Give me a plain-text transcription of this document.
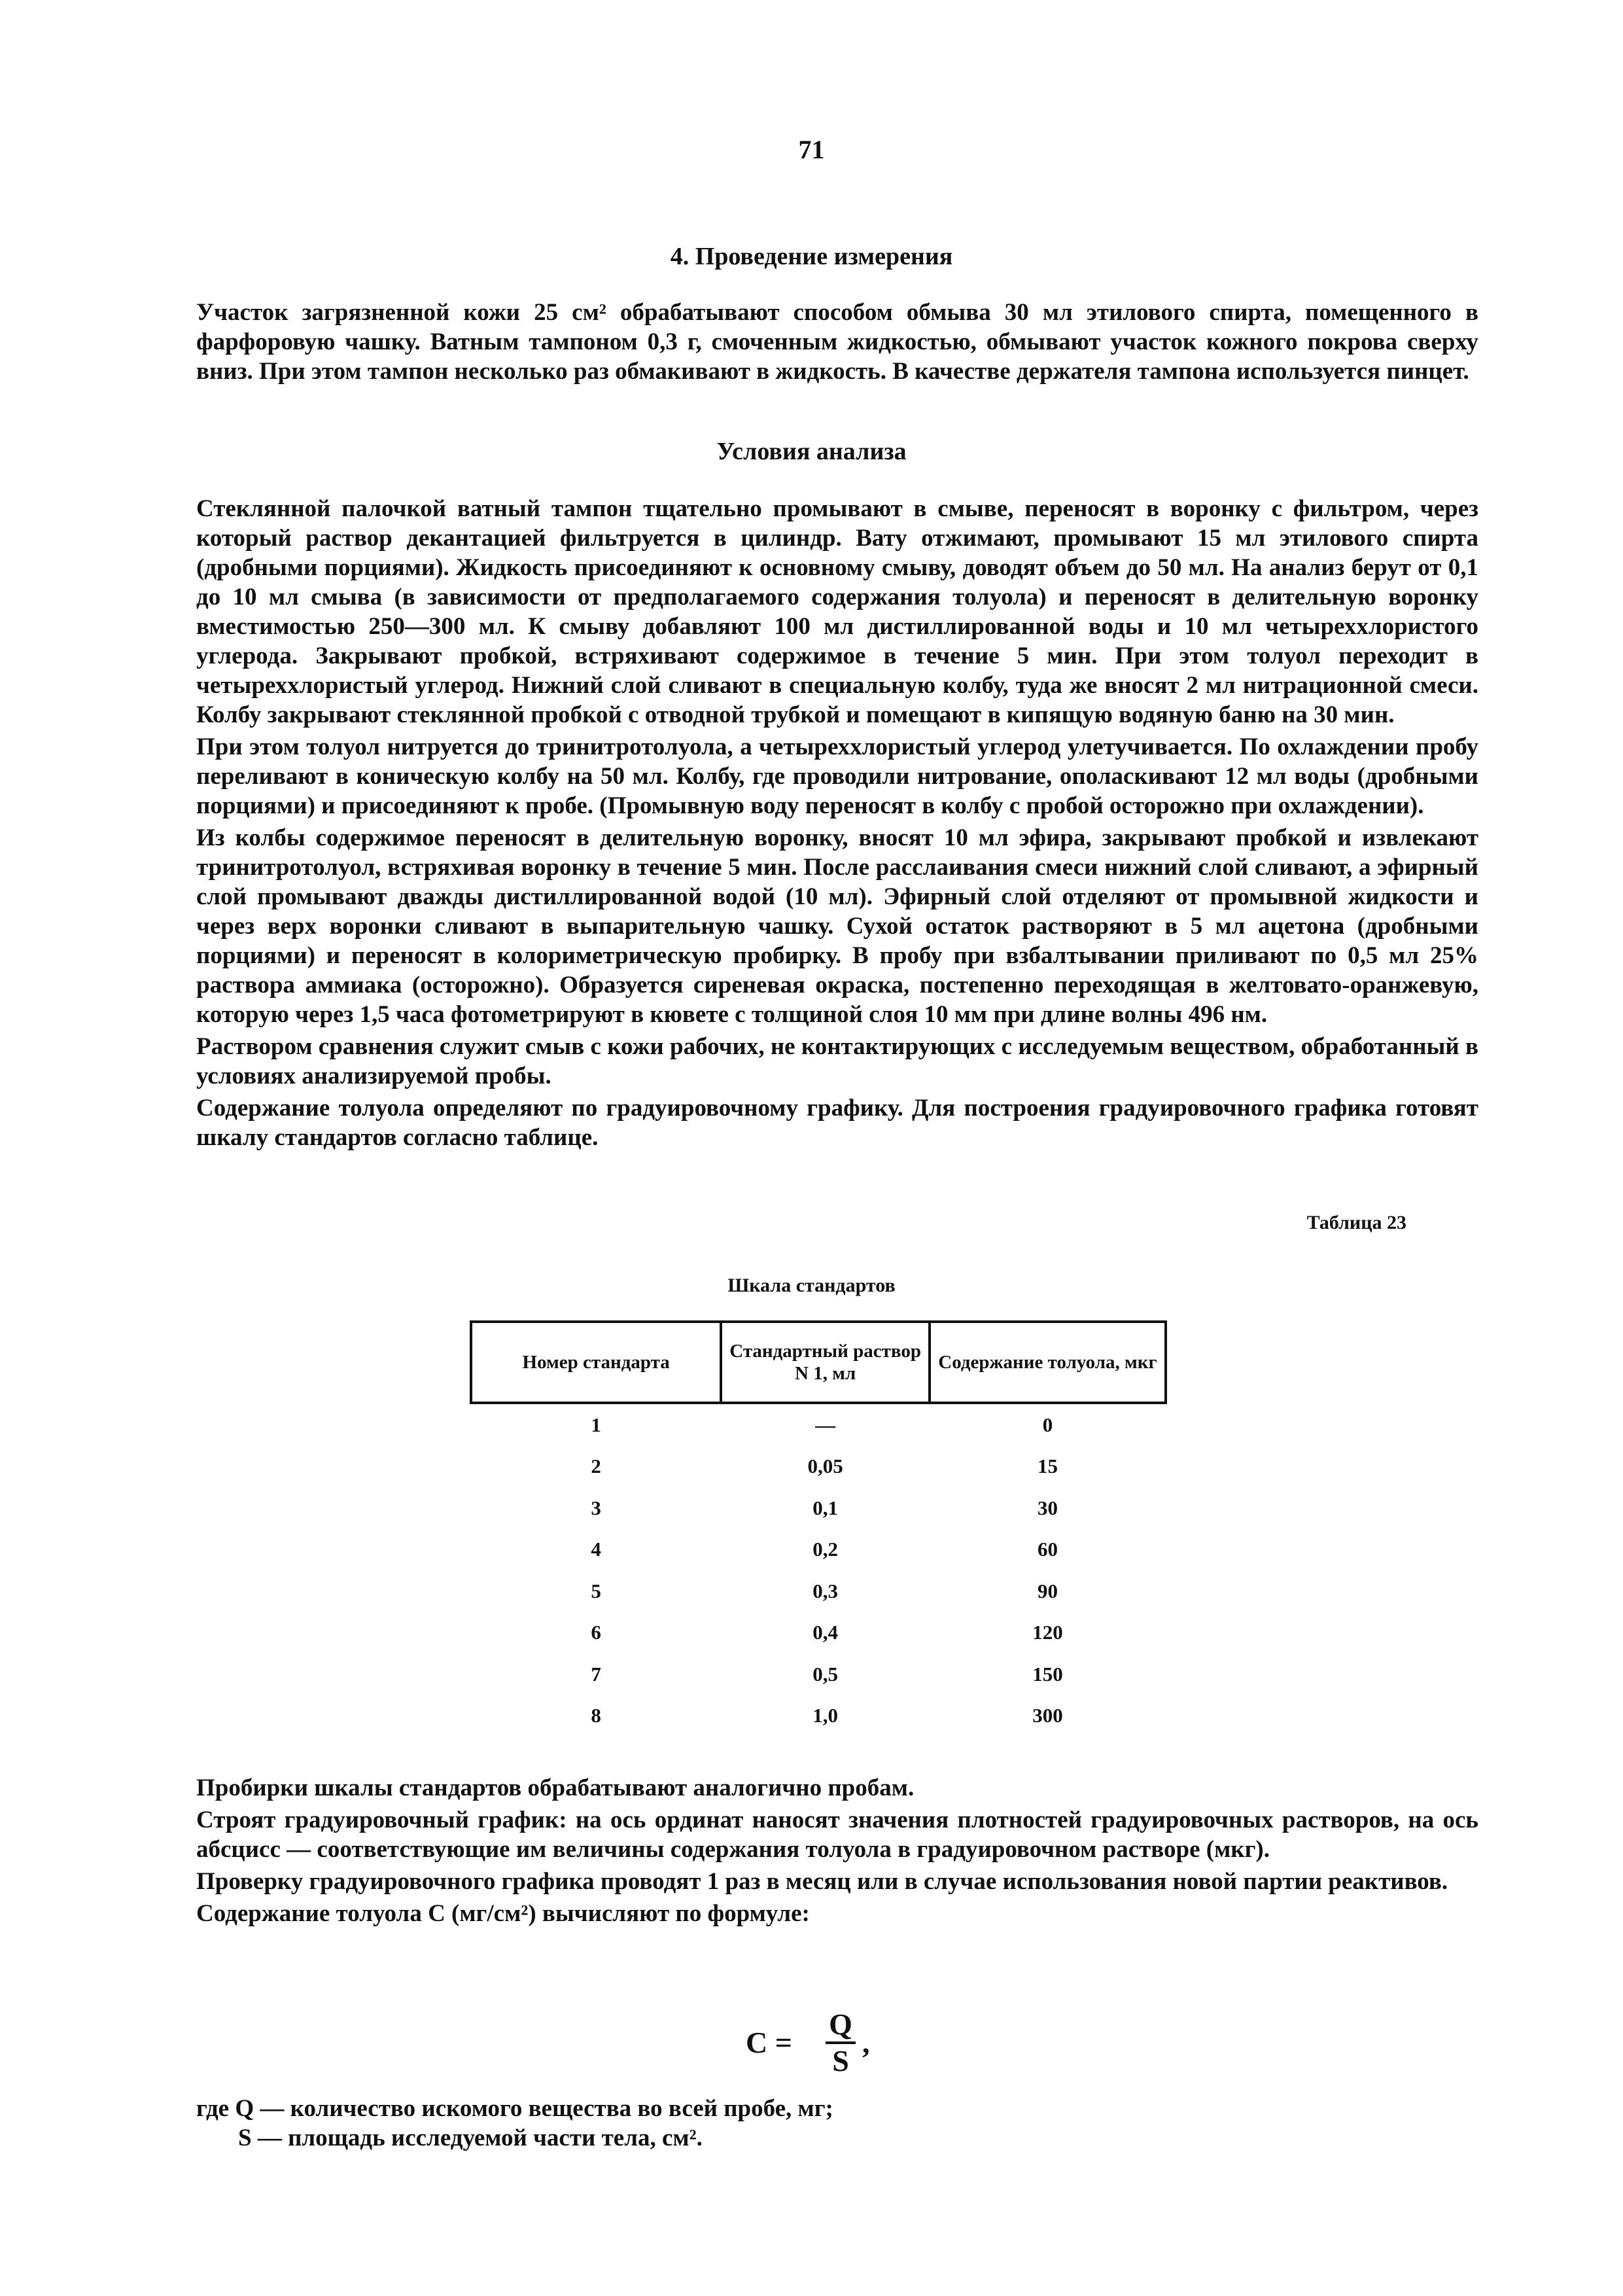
71
4. Проведение измерения

Участок загрязненной кожи 25 см² обрабатывают способом обмыва 30 мл этилового спирта, помещенного в фарфоровую чашку. Ватным тампоном 0,3 г, смоченным жидкостью, обмывают участок кожного покрова сверху вниз. При этом тампон несколько раз обмакивают в жидкость. В качестве держателя тампона используется пинцет.

Условия анализа

Стеклянной палочкой ватный тампон тщательно промывают в смыве, переносят в воронку с фильтром, через который раствор декантацией фильтруется в цилиндр. Вату отжимают, промывают 15 мл этилового спирта (дробными порциями). Жидкость присоединяют к основному смыву, доводят объем до 50 мл. На анализ берут от 0,1 до 10 мл смыва (в зависимости от предполагаемого содержания толуола) и переносят в делительную воронку вместимостью 250—300 мл. К смыву добавляют 100 мл дистиллированной воды и 10 мл четыреххлористого углерода. Закрывают пробкой, встряхивают содержимое в течение 5 мин. При этом толуол переходит в четыреххлористый углерод. Нижний слой сливают в специальную колбу, туда же вносят 2 мл нитрационной смеси. Колбу закрывают стеклянной пробкой с отводной трубкой и помещают в кипящую водяную баню на 30 мин.

При этом толуол нитруется до тринитротолуола, а четыреххлористый углерод улетучивается. По охлаждении пробу переливают в коническую колбу на 50 мл. Колбу, где проводили нитрование, ополаскивают 12 мл воды (дробными порциями) и присоединяют к пробе. (Промывную воду переносят в колбу с пробой осторожно при охлаждении).

Из колбы содержимое переносят в делительную воронку, вносят 10 мл эфира, закрывают пробкой и извлекают тринитротолуол, встряхивая воронку в течение 5 мин. После расслаивания смеси нижний слой сливают, а эфирный слой промывают дважды дистиллированной водой (10 мл). Эфирный слой отделяют от промывной жидкости и через верх воронки сливают в выпарительную чашку. Сухой остаток растворяют в 5 мл ацетона (дробными порциями) и переносят в колориметрическую пробирку. В пробу при взбалтывании приливают по 0,5 мл 25% раствора аммиака (осторожно). Образуется сиреневая окраска, постепенно переходящая в желтовато-оранжевую, которую через 1,5 часа фотометрируют в кювете с толщиной слоя 10 мм при длине волны 496 нм.

Раствором сравнения служит смыв с кожи рабочих, не контактирующих с исследуемым веществом, обработанный в условиях анализируемой пробы.

Содержание толуола определяют по градуировочному графику. Для построения градуировочного графика готовят шкалу стандартов согласно таблице.

Таблица 23
Шкала стандартов
Номер стандарта	Стандартный раствор N 1, мл	Содержание толуола, мкг
1	—	0
2	0,05	15
3	0,1	30
4	0,2	60
5	0,3	90
6	0,4	120
7	0,5	150
8	1,0	300

Пробирки шкалы стандартов обрабатывают аналогично пробам.

Строят градуировочный график: на ось ординат наносят значения плотностей градуировочных растворов, на ось абсцисс — соответствующие им величины содержания толуола в градуировочном растворе (мкг).

Проверку градуировочного графика проводят 1 раз в месяц или в случае использования новой партии реактивов.

Содержание толуола С (мг/см²) вычисляют по формуле:

С =
Q
S
,
где Q — количество искомого вещества во всей пробе, мг;
S — площадь исследуемой части тела, см².
